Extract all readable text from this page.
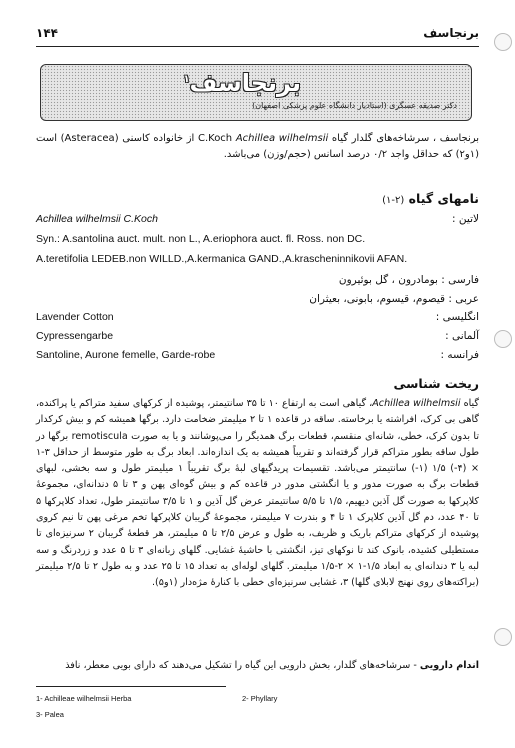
برنجاسف
۱۴۴
برنجاسف$^۱$
دکتر صدیقه عسگری (استادیار دانشگاه علوم پزشکی اصفهان)
برنجاسف ، سرشاخه‌های گلدار گیاه Achillea wilhelmsii C.Koch از خانواده کاسنی (Asteracea) است (۱و۲) که حداقل واجد ۰/۲ درصد اسانس (حجم/وزن) می‌باشد.
نامهای گیاه (۲-۱)
لاتین :
Achillea wilhelmsii C.Koch
Syn.: A.santolina auct. mult. non L., A.eriophora auct. fl. Ross. non DC.
A.teretifolia LEDEB.non WILLD.,A.kermanica GAND.,A.krascheninnikovii AFAN.
فارسی : بومادرون ، گل بوئیرون
عربی : قیصوم، قیسوم، بابونی، بعیثران
انگلیسی :
Lavender Cotton
آلمانی :
Cypressengarbe
فرانسه :
Santoline, Aurone femelle, Garde-robe
ریخت شناسی
گیاه Achillea wilhelmsii، گیاهی است به ارتفاع ۱۰ تا ۳۵ سانتیمتر، پوشیده از کرکهای سفید متراکم یا پراکنده، گاهی بی کرک، افراشته یا برخاسته. ساقه در قاعده ۱ تا ۲ میلیمتر ضخامت دارد. برگها همیشه کم و بیش کرکدار تا بدون کرک، خطی، شانه‌ای منقسم، قطعات برگ همدیگر را می‌پوشانند و یا به صورت remotiscula برگها در طول ساقه بطور متراکم قرار گرفته‌اند و تقریباً همیشه به یک اندازه‌اند. ابعاد برگ به طور متوسط از حداقل ۳-۱ × (۴-) ۱/۵ (۱-) سانتیمتر می‌باشد. تقسیمات پریدگیهای لبهٔ برگ تقریباً ۱ میلیمتر طول و سه بخشی، لبهای قطعات برگ به صورت مدور و یا انگشتی مدور در قاعده کم و بیش گوه‌ای پهن و ۳ تا ۵ دندانه‌ای، مجموعهٔ کلاپرکها به صورت گل آذین دیهیم، ۱/۵ تا ۵/۵ سانتیمتر عرض گل آذین و ۱ تا ۳/۵ سانتیمتر طول، تعداد کلاپرکها ۵ تا ۴۰ عدد، دم گل آذین کلاپرک ۱ تا ۴ و بندرت ۷ میلیمتر، مجموعهٔ گریبان کلاپرکها تخم مرغی پهن تا نیم کروی پوشیده از کرکهای متراکم باریک و ظریف، به طول و عرض ۲/۵ تا ۵ میلیمتر، هر قطعهٔ گریبان ۲ سرنیزه‌ای تا مستطیلی کشیده، بانوک کند تا نوکهای تیز، انگشتی با حاشیهٔ غشایی. گلهای زبانه‌ای ۳ تا ۵ عدد و زردرنگ و سه لبه یا ۳ دندانه‌ای به ابعاد ۱/۵-۱ × ۲-۱/۵ میلیمتر. گلهای لوله‌ای به تعداد ۱۵ تا ۲۵ عدد و به طول ۲ تا ۲/۵ میلیمتر (براکته‌های روی نهنج لابلای گلها) ۳، غشایی سرنیزه‌ای خطی با کنارهٔ مژه‌دار (۱و۵).
اندام دارویی - سرشاخه‌های گلدار، بخش دارویی این گیاه را تشکیل می‌دهند که دارای بویی معطر، نافذ
1- Achilleae wilhelmsii Herba	2- Phyllary
3- Palea
